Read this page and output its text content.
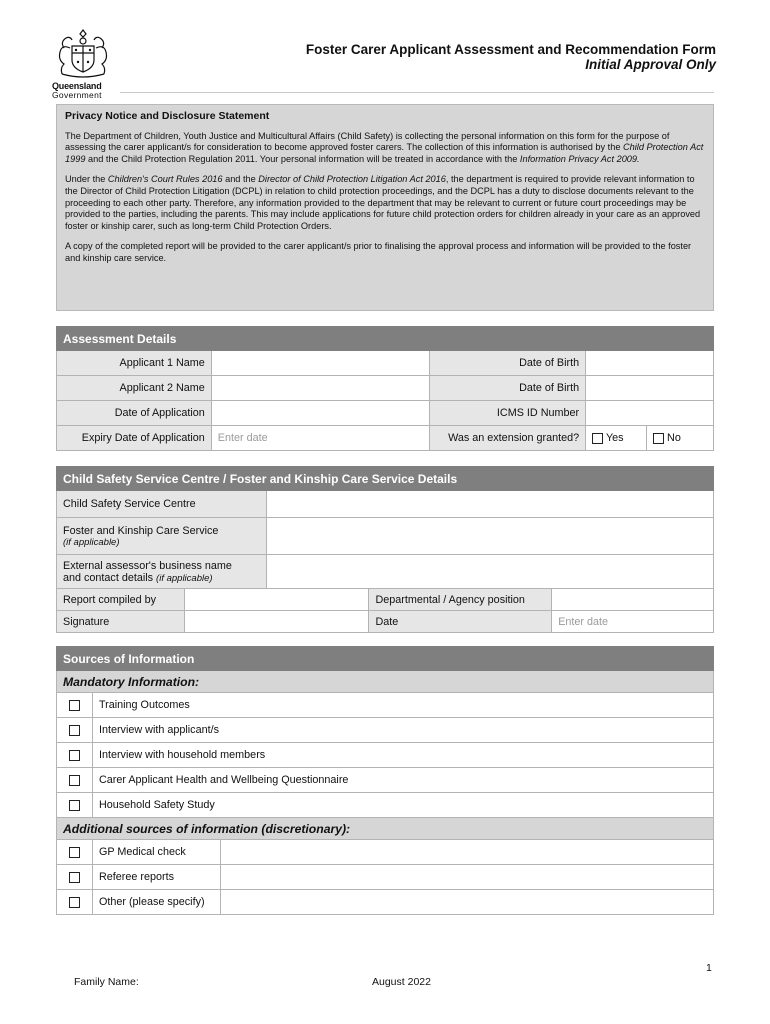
Queensland
Government
Foster Carer Applicant Assessment and Recommendation Form
Initial Approval Only
Privacy Notice and Disclosure Statement

The Department of Children, Youth Justice and Multicultural Affairs (Child Safety) is collecting the personal information on this form for the purpose of assessing the carer applicant/s for consideration to become approved foster carers. The collection of this information is authorised by the Child Protection Act 1999 and the Child Protection Regulation 2011. Your personal information will be treated in accordance with the Information Privacy Act 2009.

Under the Children's Court Rules 2016 and the Director of Child Protection Litigation Act 2016, the department is required to provide relevant information to the Director of Child Protection Litigation (DCPL) in relation to child protection proceedings, and the DCPL has a duty to disclose documents relevant to the proceeding to each other party. Therefore, any information provided to the department that may be relevant to current or future court proceedings may be provided to the parties, including the parents. This may include applications for future child protection orders for children already in your care as an approved foster or kinship carer, such as long-term Child Protection Orders.

A copy of the completed report will be provided to the carer applicant/s prior to finalising the approval process and information will be provided to the foster and kinship care service.

Assessment Details				
Applicant 1 Name		Date of Birth		
Applicant 2 Name		Date of Birth		
Date of Application		ICMS ID Number		
Expiry Date of Application	Enter date	Was an extension granted?	Yes	No
Child Safety Service Centre / Foster and Kinship Care Service Details				
Child Safety Service Centre				

Foster and Kinship Care Service
(if applicable)				

External assessor's business name
and contact details (if applicable)				

Report compiled by			Departmental / Agency position	
Signature			Date	Enter date
Sources of Information		
Mandatory Information:		
	Training Outcomes	
	Interview with applicant/s	
	Interview with household members	
	Carer Applicant Health and Wellbeing Questionnaire	
	Household Safety Study	
Additional sources of information (discretionary):		
	GP Medical check	
	Referee reports	
	Other (please specify)	
1
Family Name:	August 2022
